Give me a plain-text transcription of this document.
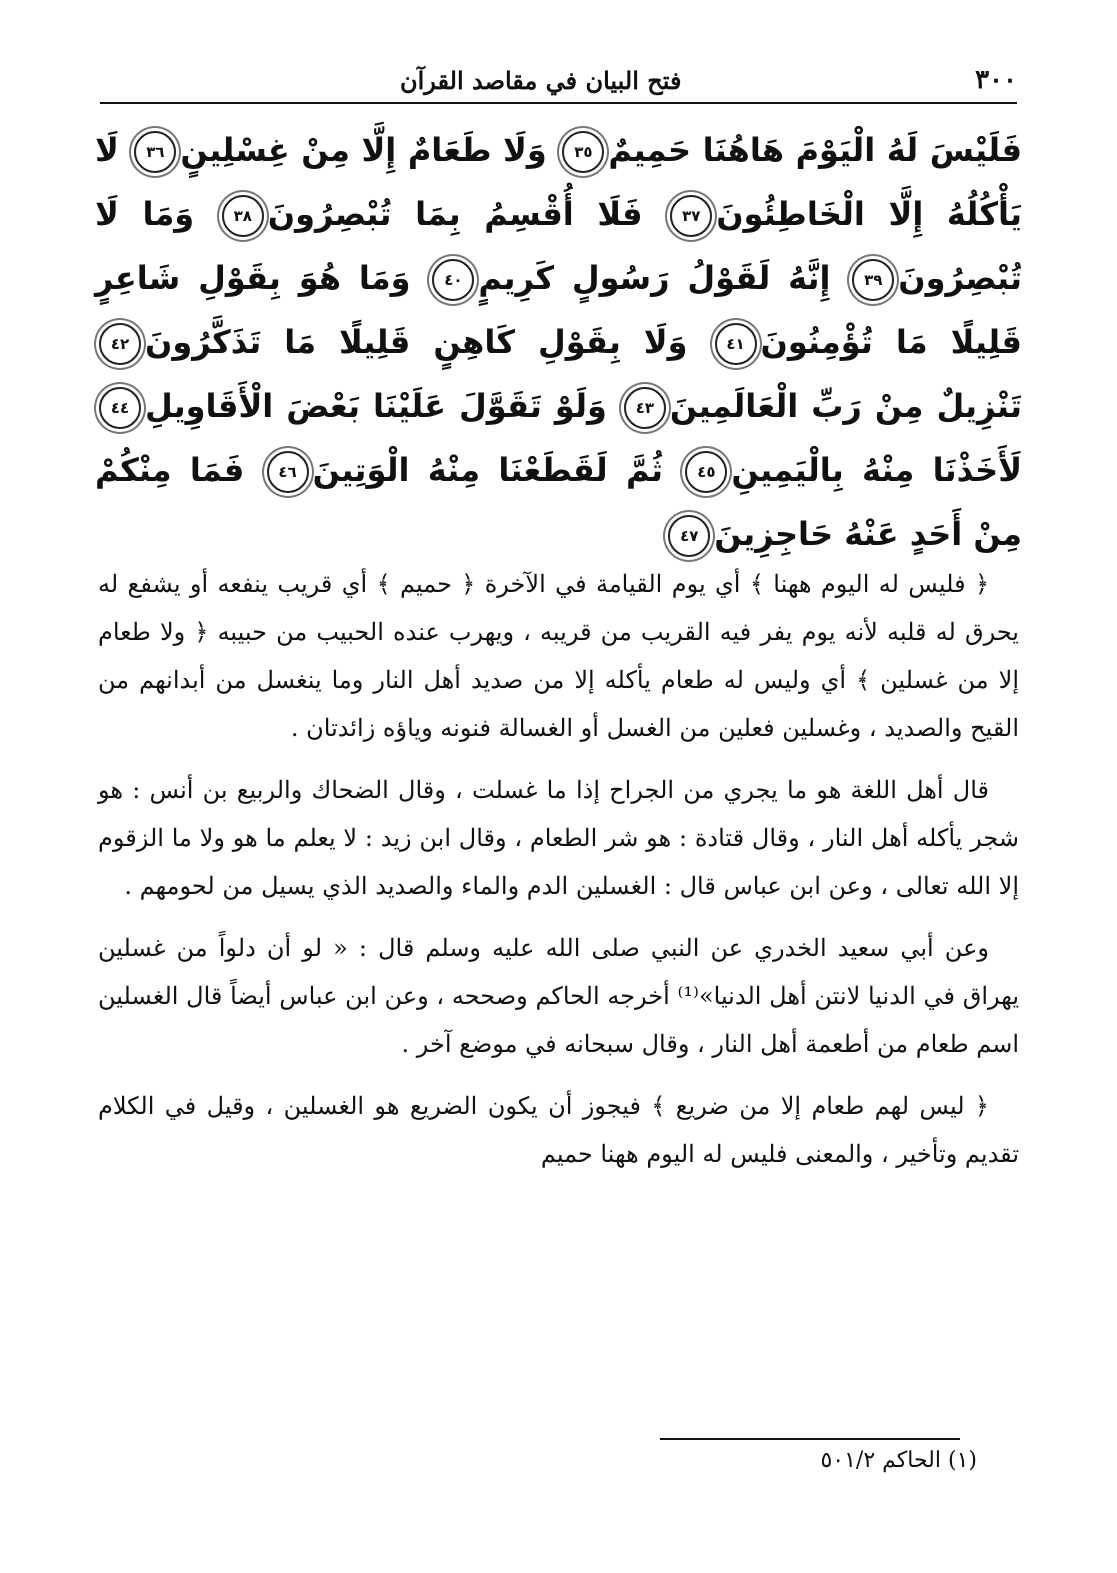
٣٠٠
فتح البيان في مقاصد القرآن
فَلَيْسَ لَهُ الْيَوْمَ هَاهُنَا حَمِيمٌ٣٥ وَلَا طَعَامٌ إِلَّا مِنْ غِسْلِينٍ٣٦ لَا يَأْكُلُهُ إِلَّا الْخَاطِئُونَ٣٧ فَلَا أُقْسِمُ بِمَا تُبْصِرُونَ٣٨ وَمَا لَا تُبْصِرُونَ٣٩ إِنَّهُ لَقَوْلُ رَسُولٍ كَرِيمٍ٤٠ وَمَا هُوَ بِقَوْلِ شَاعِرٍ قَلِيلًا مَا تُؤْمِنُونَ٤١ وَلَا بِقَوْلِ كَاهِنٍ قَلِيلًا مَا تَذَكَّرُونَ٤٢ تَنْزِيلٌ مِنْ رَبِّ الْعَالَمِينَ٤٣ وَلَوْ تَقَوَّلَ عَلَيْنَا بَعْضَ الْأَقَاوِيلِ٤٤ لَأَخَذْنَا مِنْهُ بِالْيَمِينِ٤٥ ثُمَّ لَقَطَعْنَا مِنْهُ الْوَتِينَ٤٦ فَمَا مِنْكُمْ مِنْ أَحَدٍ عَنْهُ حَاجِزِينَ٤٧

﴿ فليس له اليوم ههنا ﴾ أي يوم القيامة في الآخرة ﴿ حميم ﴾ أي قريب ينفعه أو يشفع له يحرق له قلبه لأنه يوم يفر فيه القريب من قريبه ، ويهرب عنده الحبيب من حبيبه ﴿ ولا طعام إلا من غسلين ﴾ أي وليس له طعام يأكله إلا من صديد أهل النار وما ينغسل من أبدانهم من القيح والصديد ، وغسلين فعلين من الغسل أو الغسالة فنونه وياؤه زائدتان .

قال أهل اللغة هو ما يجري من الجراح إذا ما غسلت ، وقال الضحاك والربيع بن أنس : هو شجر يأكله أهل النار ، وقال قتادة : هو شر الطعام ، وقال ابن زيد : لا يعلم ما هو ولا ما الزقوم إلا الله تعالى ، وعن ابن عباس قال : الغسلين الدم والماء والصديد الذي يسيل من لحومهم .

وعن أبي سعيد الخدري عن النبي صلى الله عليه وسلم قال : « لو أن دلواً من غسلين يهراق في الدنيا لانتن أهل الدنيا»⁽¹⁾ أخرجه الحاكم وصححه ، وعن ابن عباس أيضاً قال الغسلين اسم طعام من أطعمة أهل النار ، وقال سبحانه في موضع آخر .

﴿ ليس لهم طعام إلا من ضريع ﴾ فيجوز أن يكون الضريع هو الغسلين ، وقيل في الكلام تقديم وتأخير ، والمعنى فليس له اليوم ههنا حميم

(١) الحاكم ٥٠١/٢
